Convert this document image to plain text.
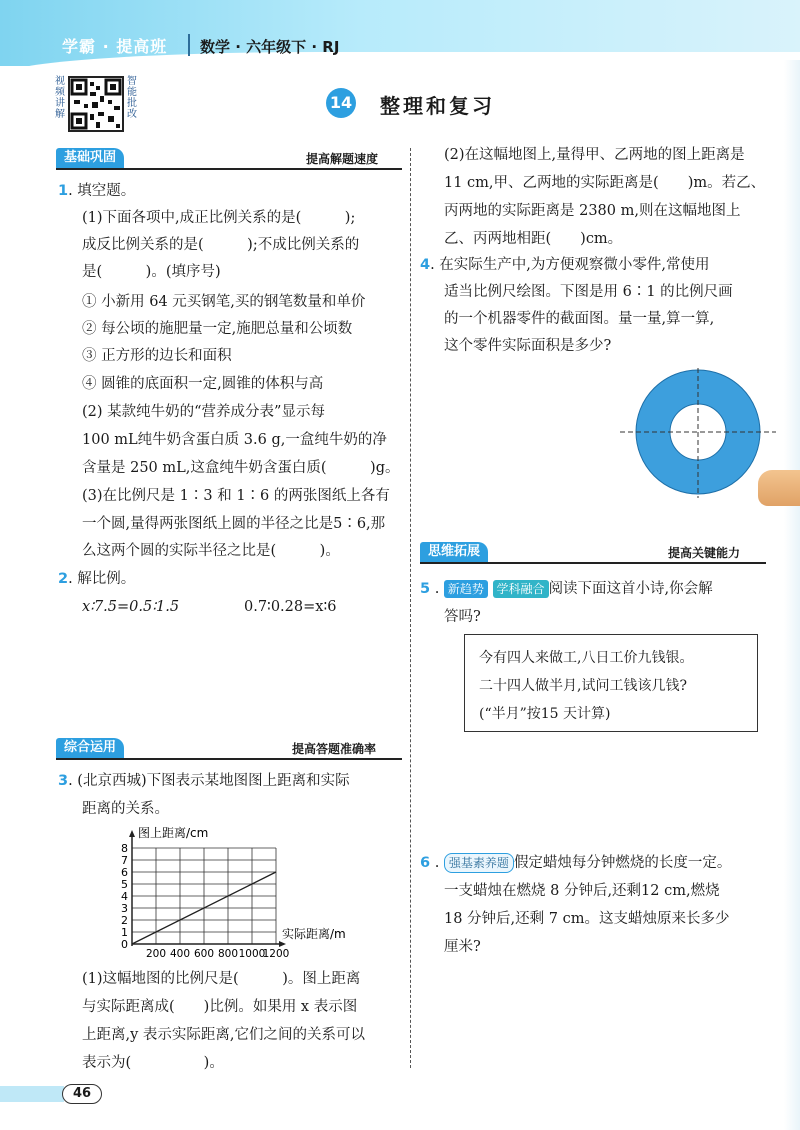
学霸 · 提高班 数学 · 六年级下 · RJ
视频讲解
智能批改
14 整理和复习
基础巩固	提高解题速度
1. 填空题。
(1)下面各项中,成正比例关系的是(　　　);
成反比例关系的是(　　　);不成比例关系的
是(　　　)。(填序号)
① 小新用 64 元买钢笔,买的钢笔数量和单价
② 每公顷的施肥量一定,施肥总量和公顷数
③ 正方形的边长和面积
④ 圆锥的底面积一定,圆锥的体积与高
(2) 某款纯牛奶的“营养成分表”显示每
100 mL纯牛奶含蛋白质 3.6 g,一盒纯牛奶的净
含量是 250 mL,这盒纯牛奶含蛋白质(　　　)g。
(3)在比例尺是 1∶3 和 1∶6 的两张图纸上各有
一个圆,量得两张图纸上圆的半径之比是5∶6,那
么这两个圆的实际半径之比是(　　　)。
2. 解比例。
x∶7.5=0.5∶1.5	0.7∶0.28=x∶6
综合运用	提高答题准确率
3. (北京西城)下图表示某地图图上距离和实际
距离的关系。
图上距离/cm
实际距离/m
0
1
2
3
4
5
6
7
8
200 400 600 800 1000
1200
(1)这幅地图的比例尺是(　　　)。图上距离
与实际距离成(　　)比例。如果用 x 表示图
上距离,y 表示实际距离,它们之间的关系可以
表示为(　　　　　)。
(2)在这幅地图上,量得甲、乙两地的图上距离是
11 cm,甲、乙两地的实际距离是(　　)m。若乙、
丙两地的实际距离是 2380 m,则在这幅地图上
乙、丙两地相距(　　)cm。
4. 在实际生产中,为方便观察微小零件,常使用
适当比例尺绘图。下图是用 6∶1 的比例尺画
的一个机器零件的截面图。量一量,算一算,
这个零件实际面积是多少?
思维拓展	提高关键能力
5 . 新趋势 学科融合 阅读下面这首小诗,你会解
答吗?
今有四人来做工,八日工价九钱银。
二十四人做半月,试问工钱该几钱?
(“半月”按15 天计算)
6 . 强基素养题 假定蜡烛每分钟燃烧的长度一定。
一支蜡烛在燃烧 8 分钟后,还剩12 cm,燃烧
18 分钟后,还剩 7 cm。这支蜡烛原来长多少
厘米?
46
